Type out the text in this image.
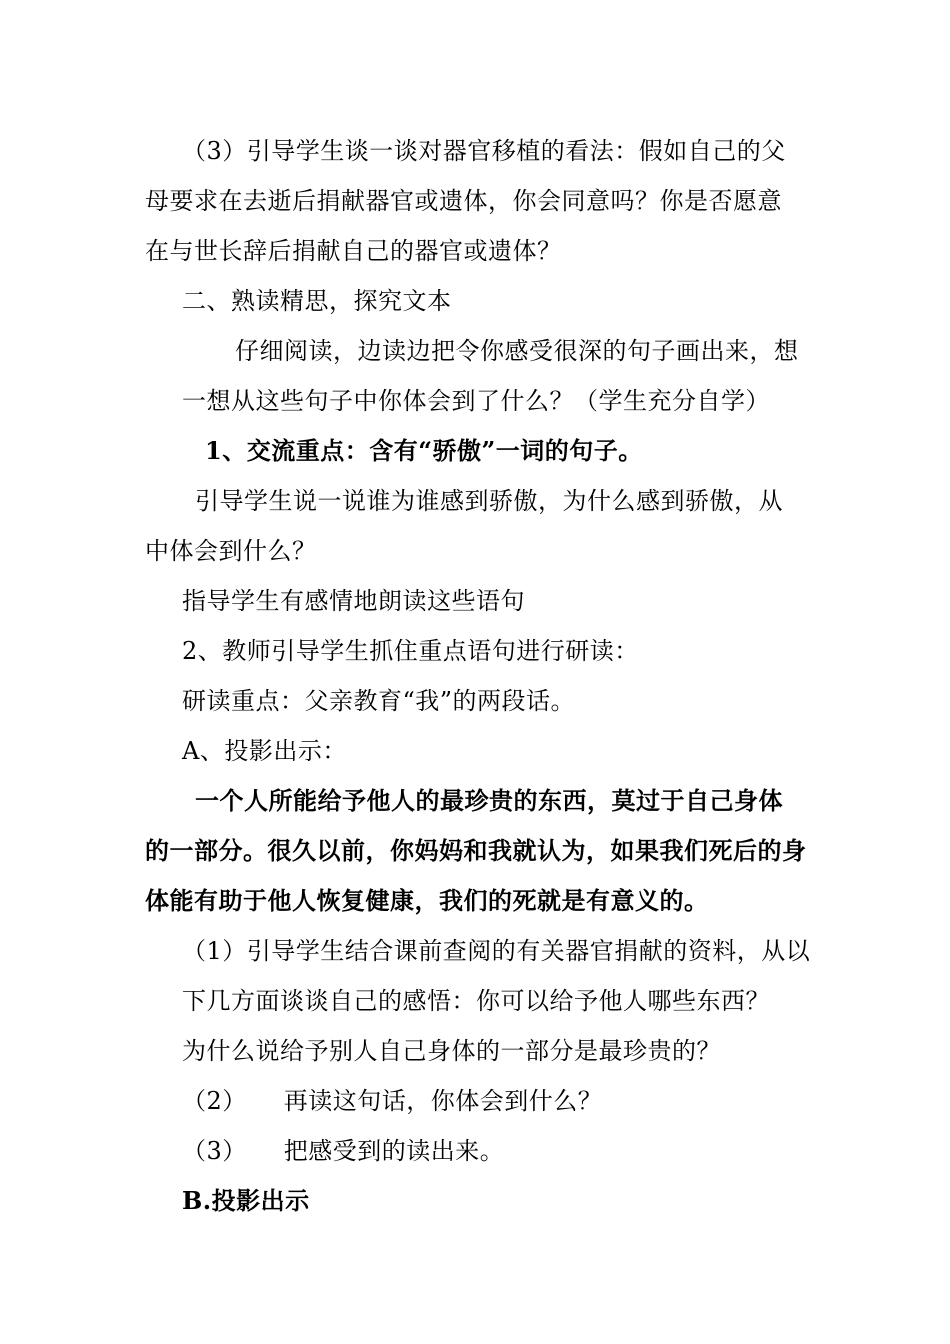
（3）引导学生谈一谈对器官移植的看法：假如自己的父
母要求在去逝后捐献器官或遗体，你会同意吗？你是否愿意
在与世长辞后捐献自己的器官或遗体？
二、熟读精思，探究文本
仔细阅读，边读边把令你感受很深的句子画出来，想
一想从这些句子中你体会到了什么？（学生充分自学）
1、交流重点：含有“骄傲”一词的句子。
引导学生说一说谁为谁感到骄傲，为什么感到骄傲，从
中体会到什么？
指导学生有感情地朗读这些语句
2、教师引导学生抓住重点语句进行研读：
研读重点：父亲教育“我”的两段话。
A、投影出示：
一个人所能给予他人的最珍贵的东西，莫过于自己身体
的一部分。很久以前，你妈妈和我就认为，如果我们死后的身
体能有助于他人恢复健康，我们的死就是有意义的。
（1）引导学生结合课前查阅的有关器官捐献的资料，从以
下几方面谈谈自己的感悟：你可以给予他人哪些东西？
为什么说给予别人自己身体的一部分是最珍贵的？
（2）　　再读这句话，你体会到什么？
（3）　　把感受到的读出来。
B.投影出示
